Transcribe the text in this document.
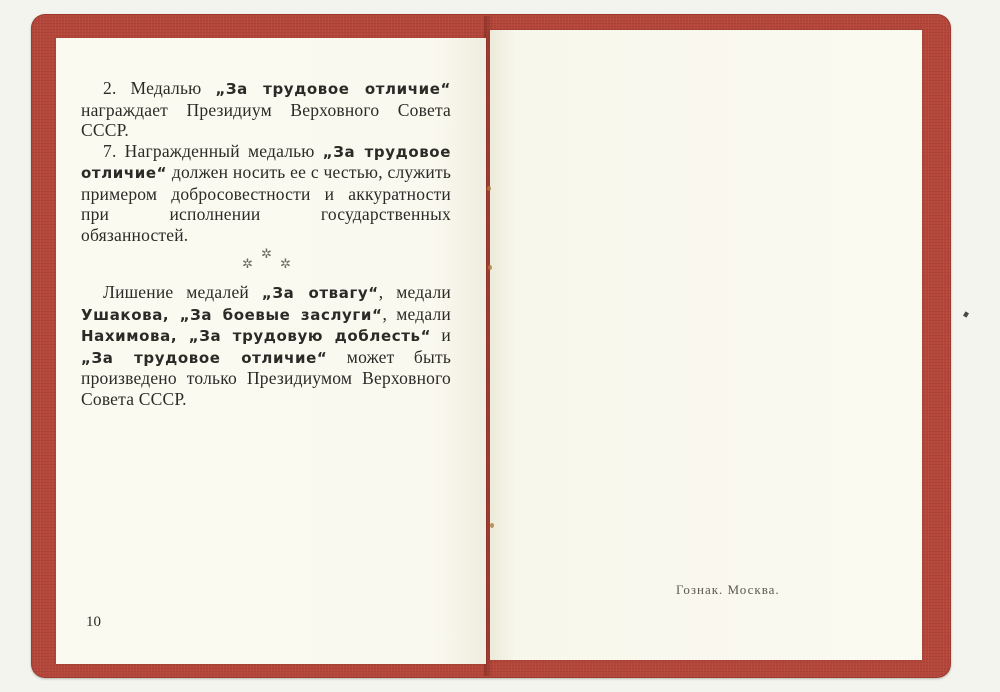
2. Медалью „За трудовое отличие“ награждает Президиум Верховного Совета СССР.

7. Награжденный медалью „За трудовое отличие“ должен носить ее с честью, служить примером добросовестности и аккуратности при исполнении государственных обязанностей.

✲
✲
✲

Лишение медалей „За отвагу“, медали Ушакова, „За боевые заслуги“, медали Нахимова, „За трудовую доблесть“ и „За трудовое отличие“ может быть произведено только Президиумом Верховного Совета СССР.

10
Гознак. Москва.
